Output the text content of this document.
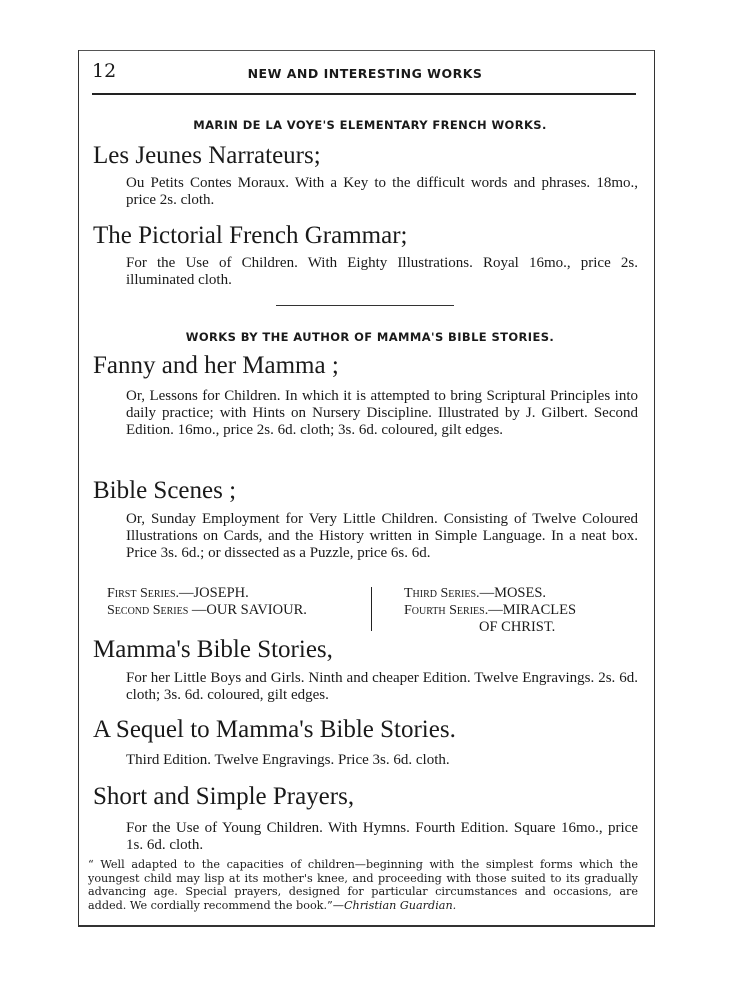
12	NEW AND INTERESTING WORKS
MARIN DE LA VOYE'S ELEMENTARY FRENCH WORKS.
Les Jeunes Narrateurs;
Ou Petits Contes Moraux. With a Key to the difficult words and phrases. 18mo., price 2s. cloth.
The Pictorial French Grammar;
For the Use of Children. With Eighty Illustrations. Royal 16mo., price 2s. illuminated cloth.
WORKS BY THE AUTHOR OF MAMMA'S BIBLE STORIES.
Fanny and her Mamma ;
Or, Lessons for Children. In which it is attempted to bring Scriptural Principles into daily practice; with Hints on Nursery Discipline. Illustrated by J. Gilbert. Second Edition. 16mo., price 2s. 6d. cloth; 3s. 6d. coloured, gilt edges.
Bible Scenes ;
Or, Sunday Employment for Very Little Children. Consisting of Twelve Coloured Illustrations on Cards, and the History written in Simple Language. In a neat box. Price 3s. 6d.; or dissected as a Puzzle, price 6s. 6d.
First Series.—JOSEPH.
Second Series —OUR SAVIOUR.
Third Series.—MOSES.
Fourth Series.—MIRACLES
OF CHRIST.
Mamma's Bible Stories,
For her Little Boys and Girls. Ninth and cheaper Edition. Twelve Engravings. 2s. 6d. cloth; 3s. 6d. coloured, gilt edges.
A Sequel to Mamma's Bible Stories.
Third Edition. Twelve Engravings. Price 3s. 6d. cloth.
Short and Simple Prayers,
For the Use of Young Children. With Hymns. Fourth Edition. Square 16mo., price 1s. 6d. cloth.
“ Well adapted to the capacities of children—beginning with the simplest forms which the youngest child may lisp at its mother's knee, and proceeding with those suited to its gradually advancing age. Special prayers, designed for particular circumstances and occasions, are added. We cordially recommend the book.”—Christian Guardian.
